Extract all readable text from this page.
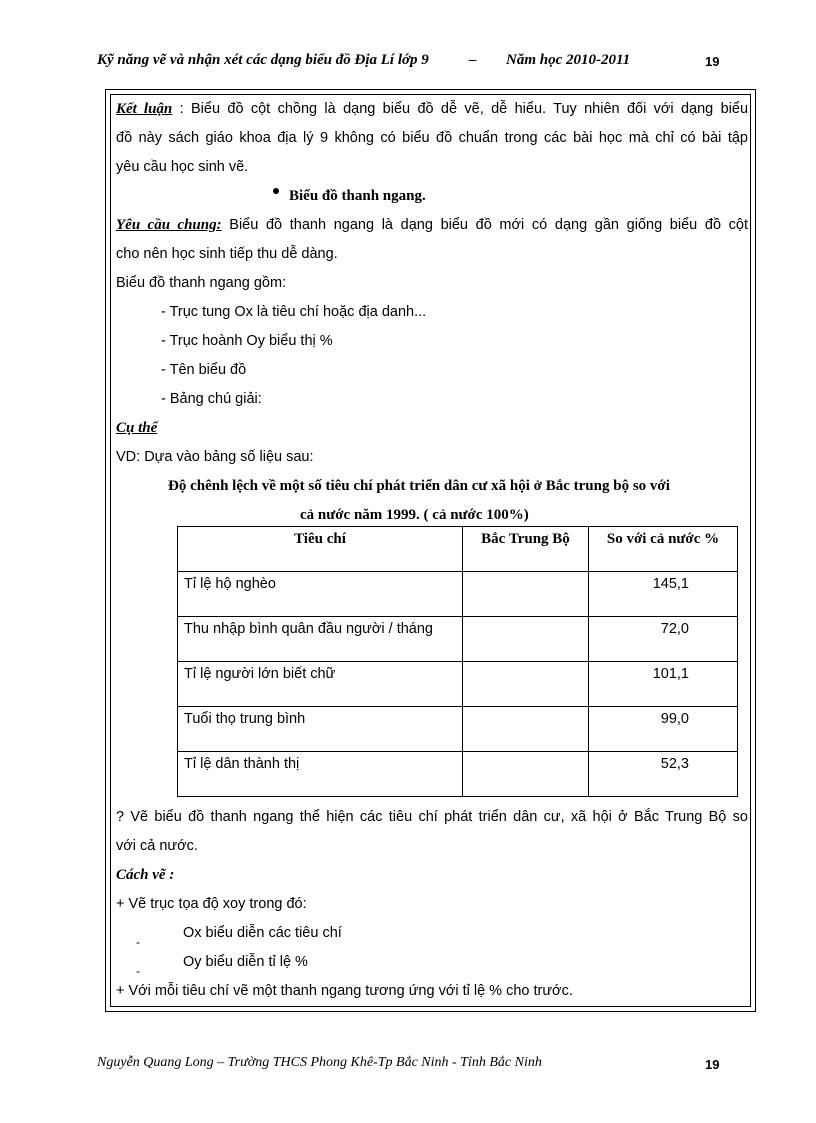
Kỹ năng vẽ và nhận xét các dạng biểu đồ Địa Lí lớp 9	– Năm học 2010-2011	19
Kết luận : Biểu đồ cột chồng là dạng biểu đồ dễ vẽ, dễ hiểu. Tuy nhiên đối với dạng biểu
đồ này sách giáo khoa địa lý 9 không có biểu đồ chuẩn trong các bài học mà chỉ có bài tập
yêu cầu học sinh vẽ.
Biểu đồ thanh ngang.
Yêu cầu chung: Biểu đồ thanh ngang là dạng biểu đồ mới có dạng gần giống biểu đồ cột
cho nên học sinh tiếp thu dễ dàng.
Biểu đồ thanh ngang gồm:
- Trục tung Ox là tiêu chí hoặc địa danh...
- Trục hoành Oy biểu thị %
- Tên biểu đồ
- Bảng chú giải:
Cụ thể
VD: Dựa vào bảng số liệu sau:
Độ chênh lệch về một số tiêu chí phát triển dân cư xã hội ở Bắc trung bộ so với
cả nước năm 1999. ( cả nước 100%)
Tiêu chí	Bắc Trung Bộ	So với cả nước %
Tỉ lệ hộ nghèo		145,1
Thu nhập bình quân đầu người / tháng		72,0
Tỉ lệ người lớn biết chữ		101,1
Tuổi thọ trung bình		99,0
Tỉ lệ dân thành thị		52,3
? Vẽ biểu đồ thanh ngang thể hiện các tiêu chí phát triển dân cư, xã hội ở Bắc Trung Bộ so
với cả nước.
Cách vẽ :
+ Vẽ trục tọa độ xoy trong đó:
-Ox biểu diễn các tiêu chí
-Oy biểu diễn tỉ lệ %
+ Với mỗi tiêu chí vẽ một thanh ngang tương ứng với tỉ lệ % cho trước.
Nguyễn Quang Long – Trường THCS Phong Khê-Tp Bắc Ninh - Tỉnh Bắc Ninh	19
